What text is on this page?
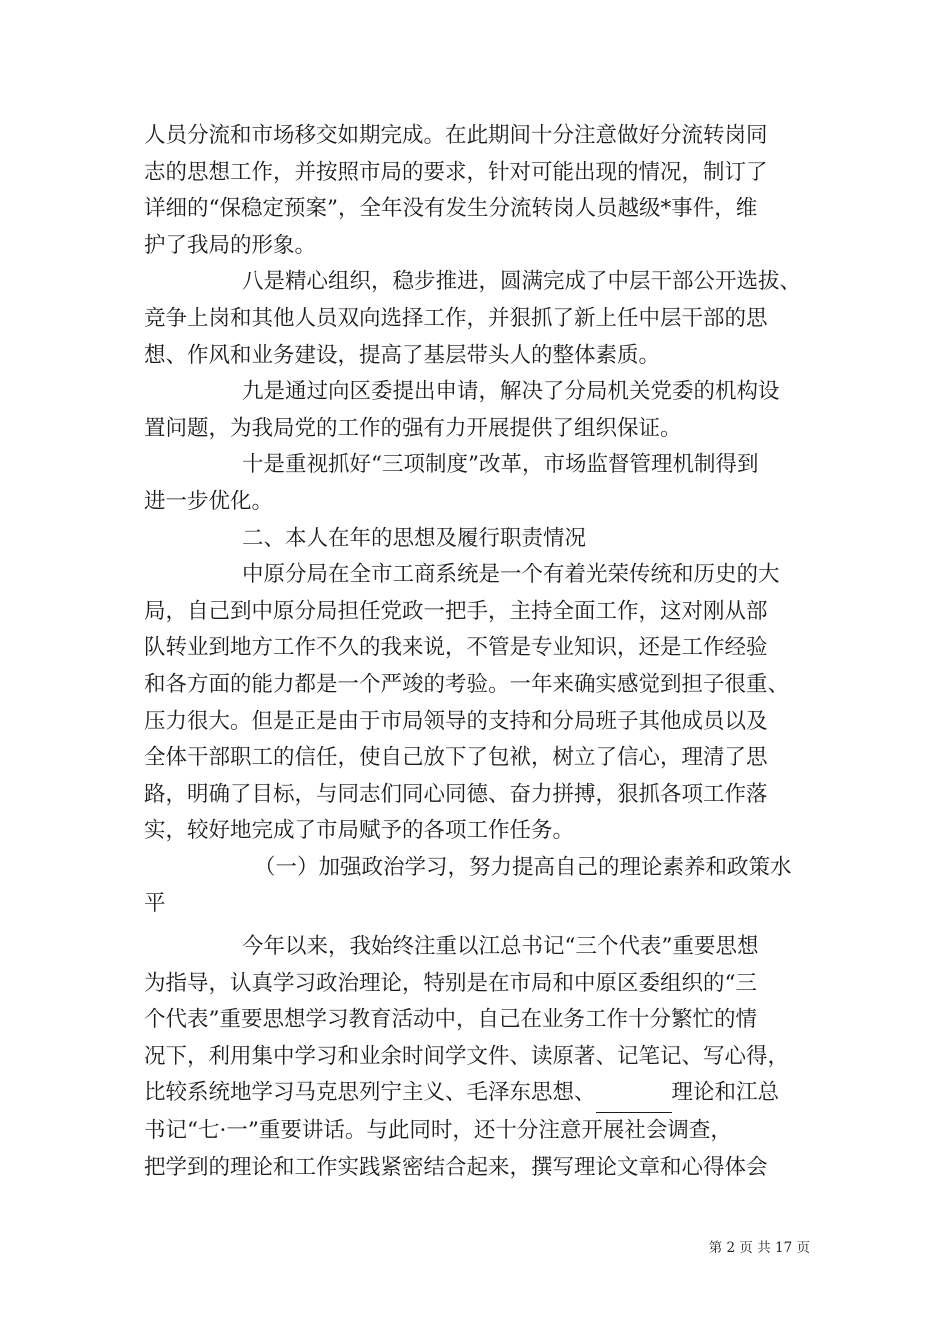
人员分流和市场移交如期完成。在此期间十分注意做好分流转岗同
志的思想工作，并按照市局的要求，针对可能出现的情况，制订了
详细的“保稳定预案”，全年没有发生分流转岗人员越级*事件，维
护了我局的形象。
八是精心组织，稳步推进，圆满完成了中层干部公开选拔、
竞争上岗和其他人员双向选择工作，并狠抓了新上任中层干部的思
想、作风和业务建设，提高了基层带头人的整体素质。
九是通过向区委提出申请，解决了分局机关党委的机构设
置问题，为我局党的工作的强有力开展提供了组织保证。
十是重视抓好“三项制度”改革，市场监督管理机制得到
进一步优化。
二、本人在年的思想及履行职责情况
中原分局在全市工商系统是一个有着光荣传统和历史的大
局，自己到中原分局担任党政一把手，主持全面工作，这对刚从部
队转业到地方工作不久的我来说，不管是专业知识，还是工作经验
和各方面的能力都是一个严竣的考验。一年来确实感觉到担子很重、
压力很大。但是正是由于市局领导的支持和分局班子其他成员以及
全体干部职工的信任，使自己放下了包袱，树立了信心，理清了思
路，明确了目标，与同志们同心同德、奋力拼搏，狠抓各项工作落
实，较好地完成了市局赋予的各项工作任务。
（一）加强政治学习，努力提高自己的理论素养和政策水
平
今年以来，我始终注重以江总书记“三个代表”重要思想
为指导，认真学习政治理论，特别是在市局和中原区委组织的“三
个代表”重要思想学习教育活动中，自己在业务工作十分繁忙的情
况下，利用集中学习和业余时间学文件、读原著、记笔记、写心得，
比较系统地学习马克思列宁主义、毛泽东思想、	理论和江总
书记“七·一”重要讲话。与此同时，还十分注意开展社会调查，
把学到的理论和工作实践紧密结合起来，撰写理论文章和心得体会
第 2 页 共 17 页
